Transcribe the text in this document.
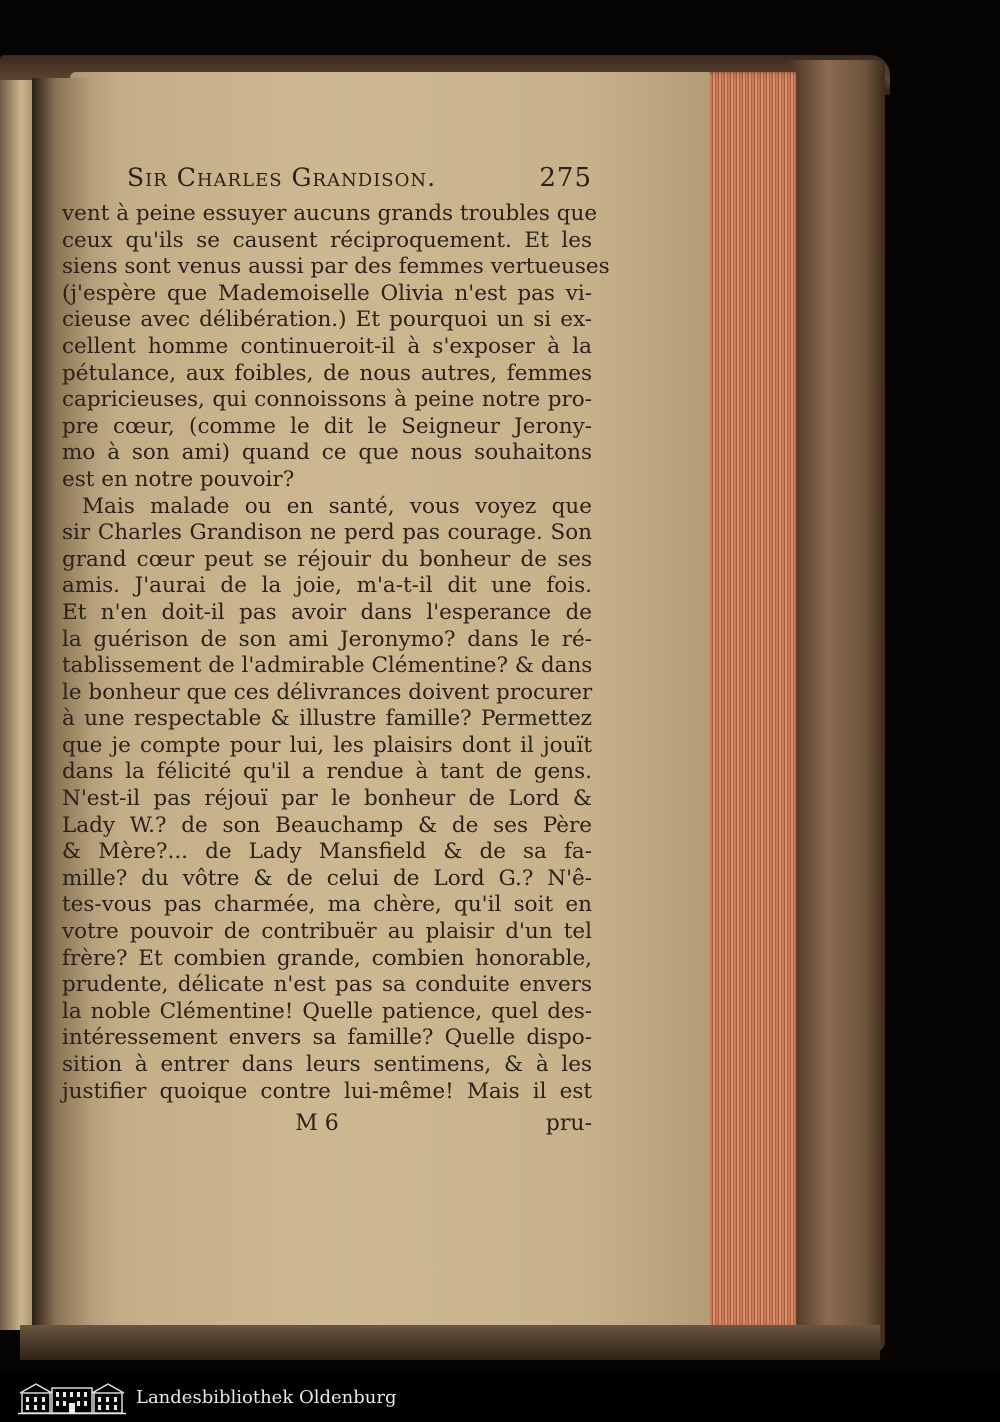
Sir Charles Grandison.	275
vent à peine essuyer aucuns grands troubles que
ceux qu'ils se causent réciproquement. Et les
siens sont venus aussi par des femmes vertueuses
(j'espère que Mademoiselle Olivia n'est pas vi-
cieuse avec délibération.) Et pourquoi un si ex-
cellent homme continueroit-il à s'exposer à la
pétulance, aux foibles, de nous autres, femmes
capricieuses, qui connoissons à peine notre pro-
pre cœur, (comme le dit le Seigneur Jerony-
mo à son ami) quand ce que nous souhaitons
est en notre pouvoir?
Mais malade ou en santé, vous voyez que
sir Charles Grandison ne perd pas courage. Son
grand cœur peut se réjouir du bonheur de ses
amis. J'aurai de la joie, m'a-t-il dit une fois.
Et n'en doit-il pas avoir dans l'esperance de
la guérison de son ami Jeronymo? dans le ré-
tablissement de l'admirable Clémentine? & dans
le bonheur que ces délivrances doivent procurer
à une respectable & illustre famille? Permettez
que je compte pour lui, les plaisirs dont il jouït
dans la félicité qu'il a rendue à tant de gens.
N'est-il pas réjouï par le bonheur de Lord &
Lady W.? de son Beauchamp & de ses Père
& Mère?... de Lady Mansfield & de sa fa-
mille? du vôtre & de celui de Lord G.? N'ê-
tes-vous pas charmée, ma chère, qu'il soit en
votre pouvoir de contribuër au plaisir d'un tel
frère? Et combien grande, combien honorable,
prudente, délicate n'est pas sa conduite envers
la noble Clémentine! Quelle patience, quel des-
intéressement envers sa famille? Quelle dispo-
sition à entrer dans leurs sentimens, & à les
justifier quoique contre lui-même! Mais il est
M 6	pru-
Landesbibliothek Oldenburg
